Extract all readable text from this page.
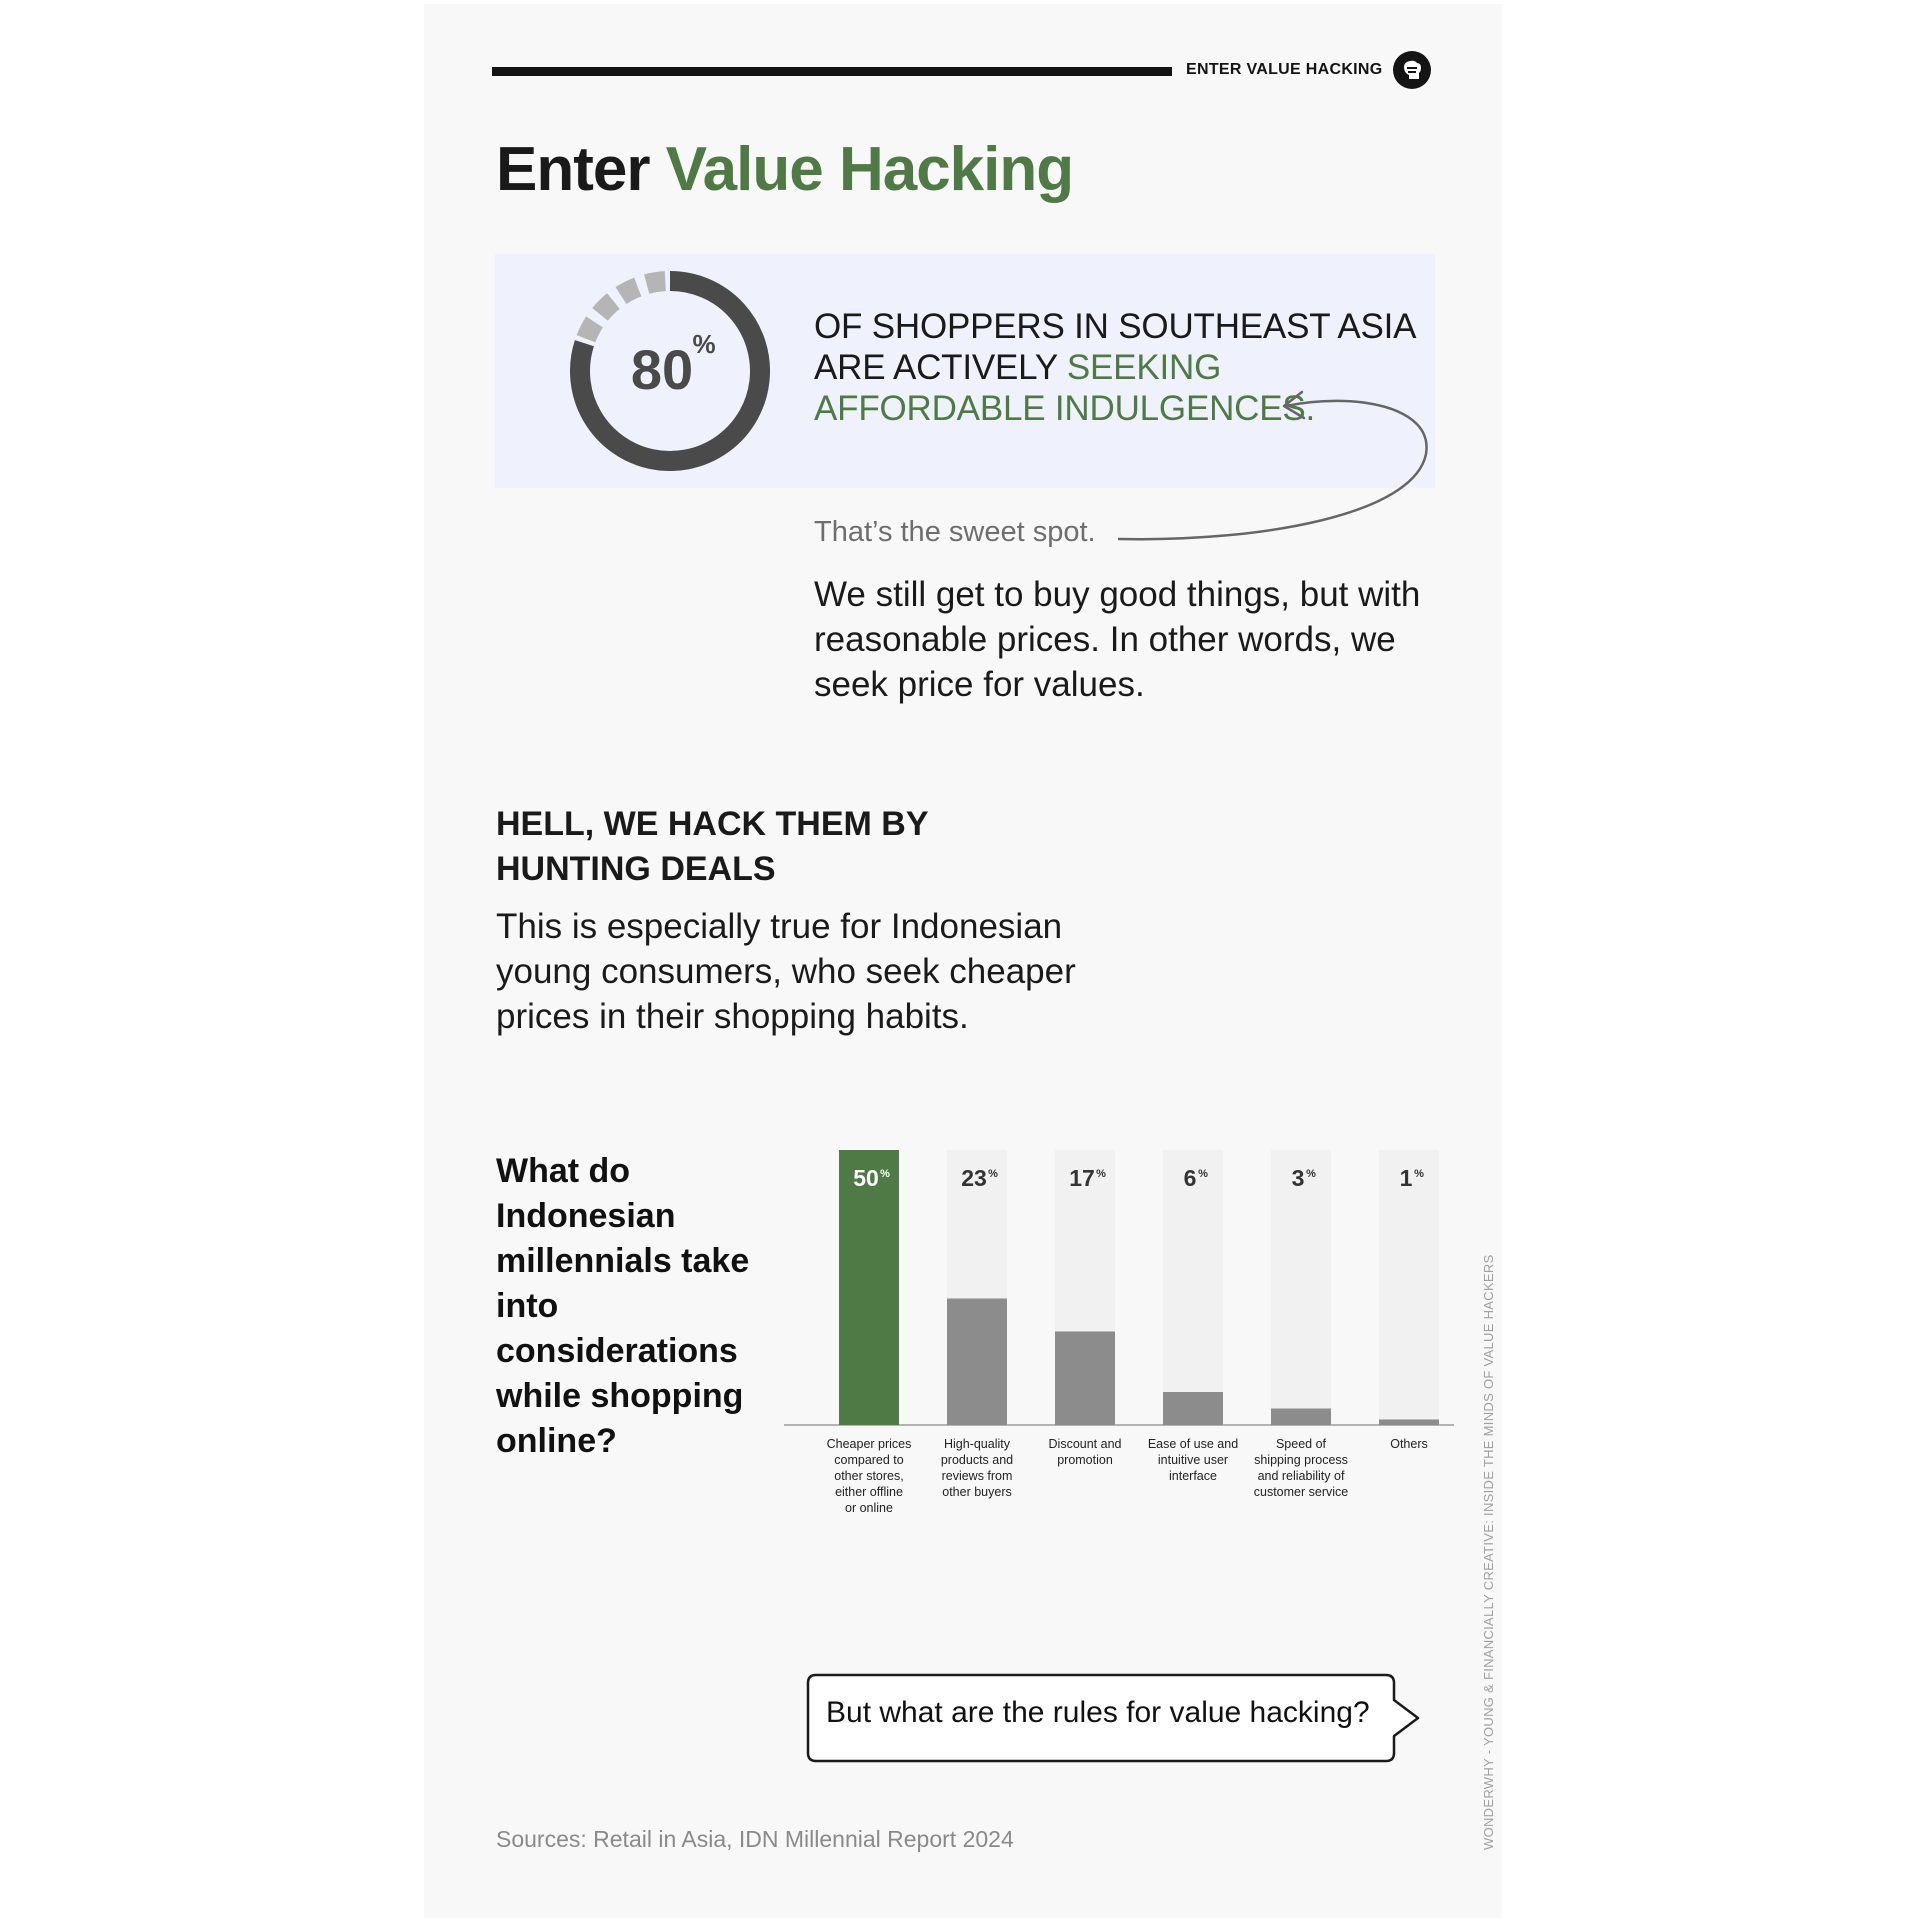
ENTER VALUE HACKING
Enter Value Hacking
80 %	OF SHOPPERS IN SOUTHEAST ASIA ARE ACTIVELY SEEKING AFFORDABLE INDULGENCES.
That’s the sweet spot.
We still get to buy good things, but with reasonable prices. In other words, we seek price for values.
HELL, WE HACK THEM BY HUNTING DEALS
This is especially true for Indonesian young consumers, who seek cheaper prices in their shopping habits.
What do Indonesian millennials take into considerations while shopping online?
50 %
Cheaper prices compared to other stores, either offline or online
23 %
High-quality products and reviews from other buyers
17 %
Discount and promotion
6 %
Ease of use and intuitive user interface
3 %
Speed of shipping process and reliability of customer service
1 %
Others
But what are the rules for value hacking?
Sources: Retail in Asia, IDN Millennial Report 2024	WONDERWHY - YOUNG & FINANCIALLY CREATIVE: INSIDE THE MINDS OF VALUE HACKERS
